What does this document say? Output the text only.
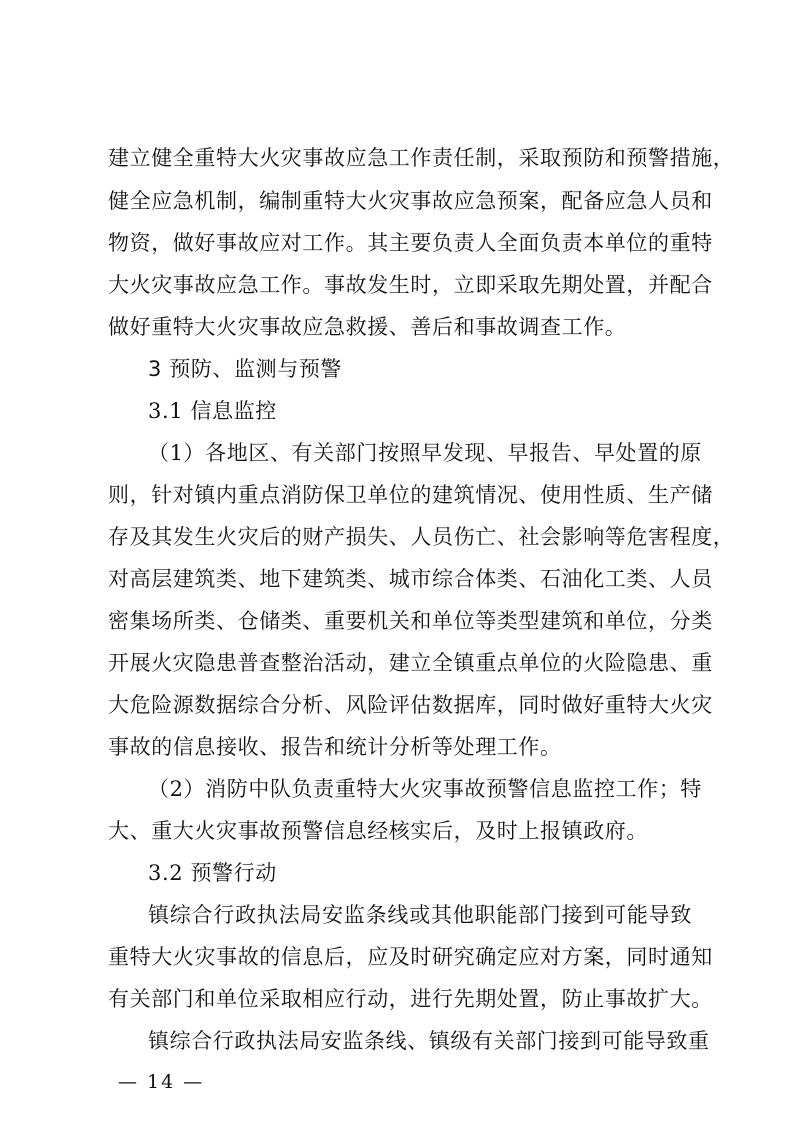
建立健全重特大火灾事故应急工作责任制，采取预防和预警措施，
健全应急机制，编制重特大火灾事故应急预案，配备应急人员和
物资，做好事故应对工作。其主要负责人全面负责本单位的重特
大火灾事故应急工作。事故发生时，立即采取先期处置，并配合
做好重特大火灾事故应急救援、善后和事故调查工作。
3 预防、监测与预警
3.1 信息监控
（1）各地区、有关部门按照早发现、早报告、早处置的原
则，针对镇内重点消防保卫单位的建筑情况、使用性质、生产储
存及其发生火灾后的财产损失、人员伤亡、社会影响等危害程度，
对高层建筑类、地下建筑类、城市综合体类、石油化工类、人员
密集场所类、仓储类、重要机关和单位等类型建筑和单位，分类
开展火灾隐患普查整治活动，建立全镇重点单位的火险隐患、重
大危险源数据综合分析、风险评估数据库，同时做好重特大火灾
事故的信息接收、报告和统计分析等处理工作。
（2）消防中队负责重特大火灾事故预警信息监控工作；特
大、重大火灾事故预警信息经核实后，及时上报镇政府。
3.2 预警行动
镇综合行政执法局安监条线或其他职能部门接到可能导致
重特大火灾事故的信息后，应及时研究确定应对方案，同时通知
有关部门和单位采取相应行动，进行先期处置，防止事故扩大。
镇综合行政执法局安监条线、镇级有关部门接到可能导致重
— 14 —
